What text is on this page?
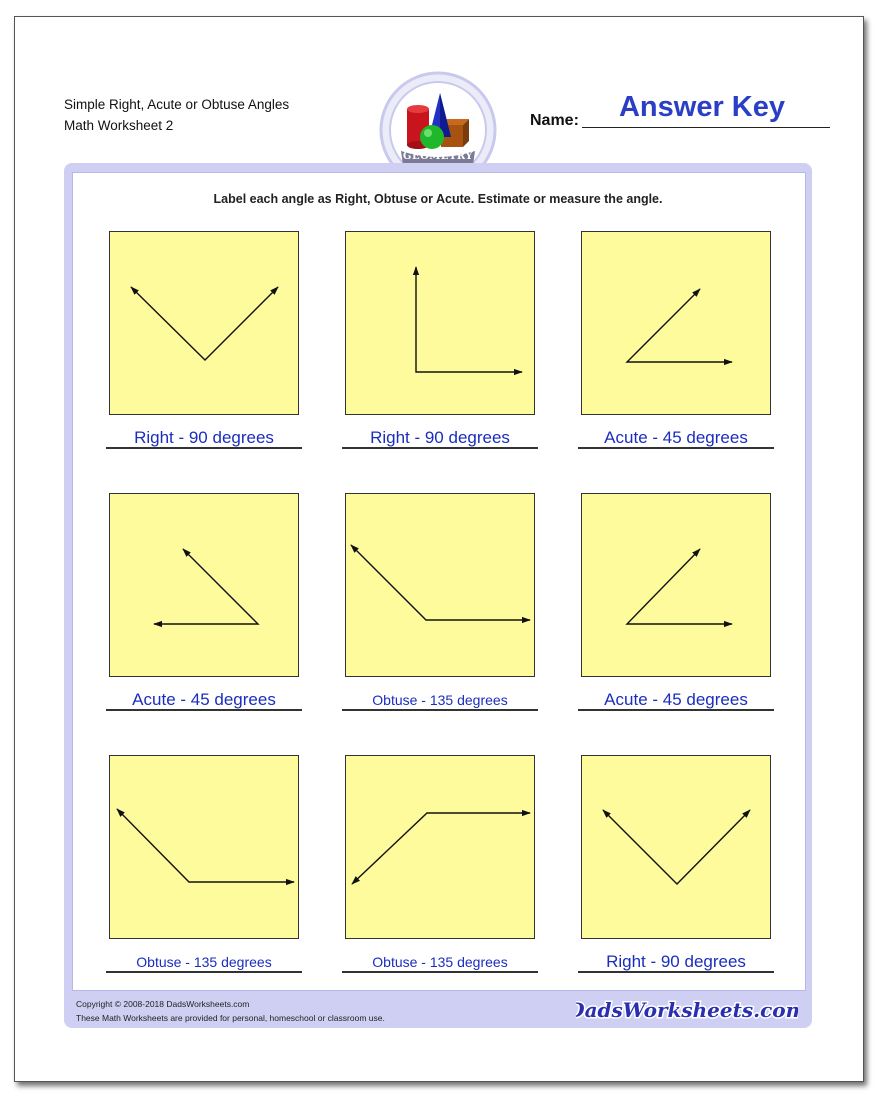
Simple Right, Acute or Obtuse Angles
Math Worksheet 2
GEOMETRY
Name:	Answer Key
Label each angle as Right, Obtuse or Acute. Estimate or measure the angle.
Right - 90 degrees	Right - 90 degrees	Acute - 45 degrees
Acute - 45 degrees	Obtuse - 135 degrees	Acute - 45 degrees
Obtuse - 135 degrees	Obtuse - 135 degrees	Right - 90 degrees
Copyright © 2008-2018 DadsWorksheets.com
These Math Worksheets are provided for personal, homeschool or classroom use.	DadsWorksheets.com
